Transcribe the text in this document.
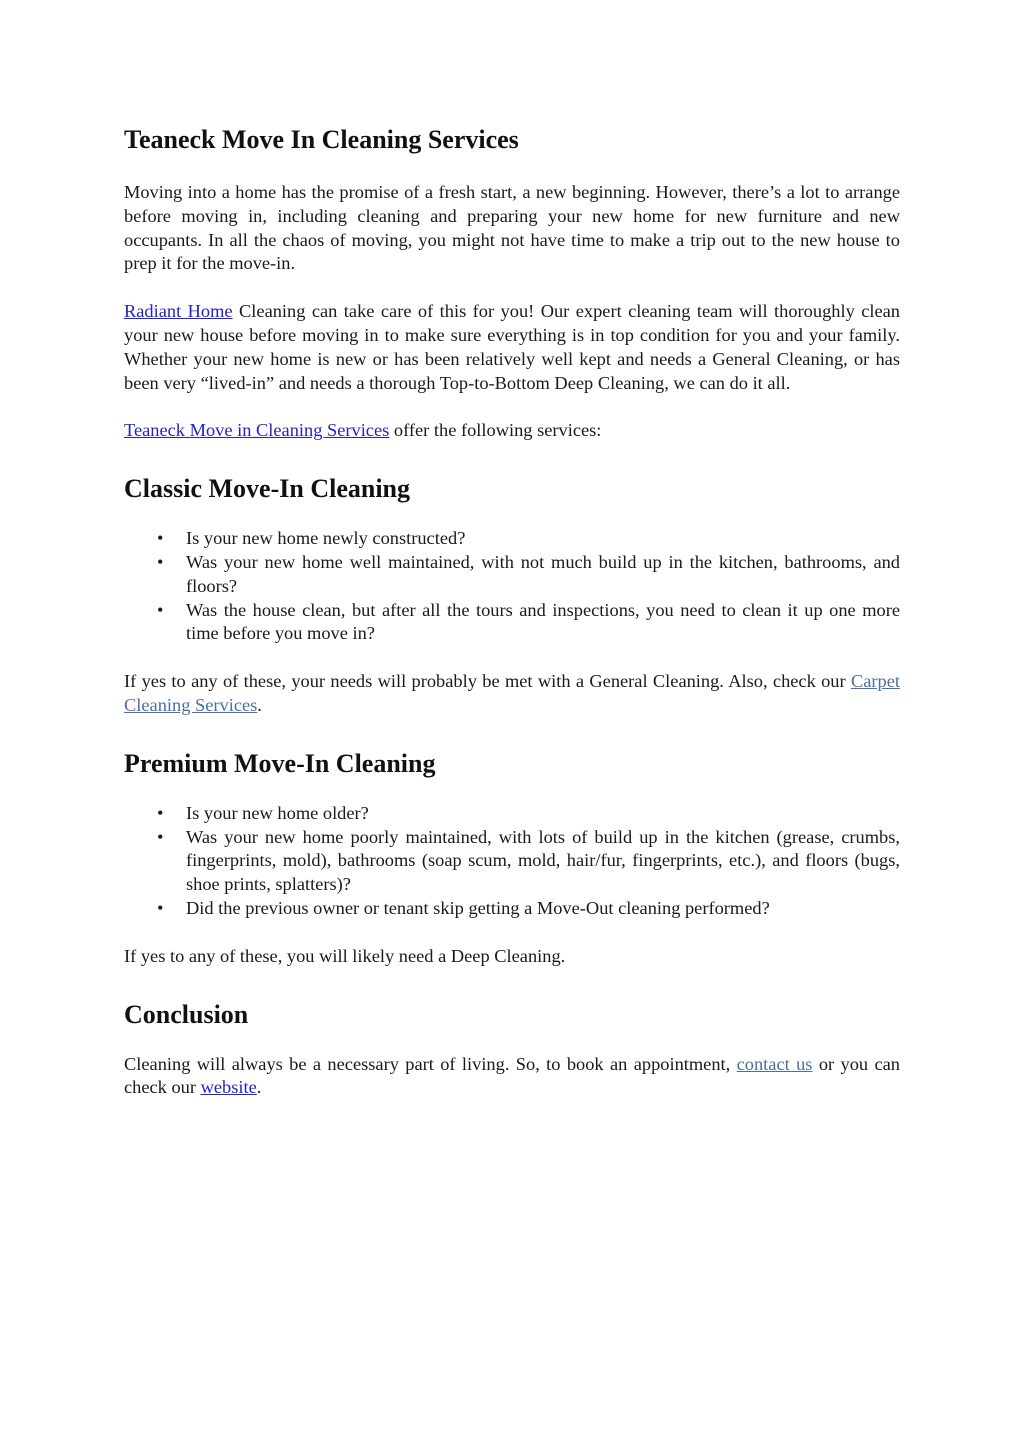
Teaneck Move In Cleaning Services

Moving into a home has the promise of a fresh start, a new beginning. However, there’s a lot to arrange before moving in, including cleaning and preparing your new home for new furniture and new occupants. In all the chaos of moving, you might not have time to make a trip out to the new house to prep it for the move-in.

Radiant Home Cleaning can take care of this for you! Our expert cleaning team will thoroughly clean your new house before moving in to make sure everything is in top condition for you and your family. Whether your new home is new or has been relatively well kept and needs a General Cleaning, or has been very “lived-in” and needs a thorough Top-to-Bottom Deep Cleaning, we can do it all.

Teaneck Move in Cleaning Services offer the following services:

Classic Move-In Cleaning
• Is your new home newly constructed?
• Was your new home well maintained, with not much build up in the kitchen, bathrooms, and floors?
• Was the house clean, but after all the tours and inspections, you need to clean it up one more time before you move in?

If yes to any of these, your needs will probably be met with a General Cleaning. Also, check our Carpet Cleaning Services.

Premium Move-In Cleaning
• Is your new home older?
• Was your new home poorly maintained, with lots of build up in the kitchen (grease, crumbs, fingerprints, mold), bathrooms (soap scum, mold, hair/fur, fingerprints, etc.), and floors (bugs, shoe prints, splatters)?
• Did the previous owner or tenant skip getting a Move-Out cleaning performed?

If yes to any of these, you will likely need a Deep Cleaning.

Conclusion

Cleaning will always be a necessary part of living. So, to book an appointment, contact us or you can check our website.
